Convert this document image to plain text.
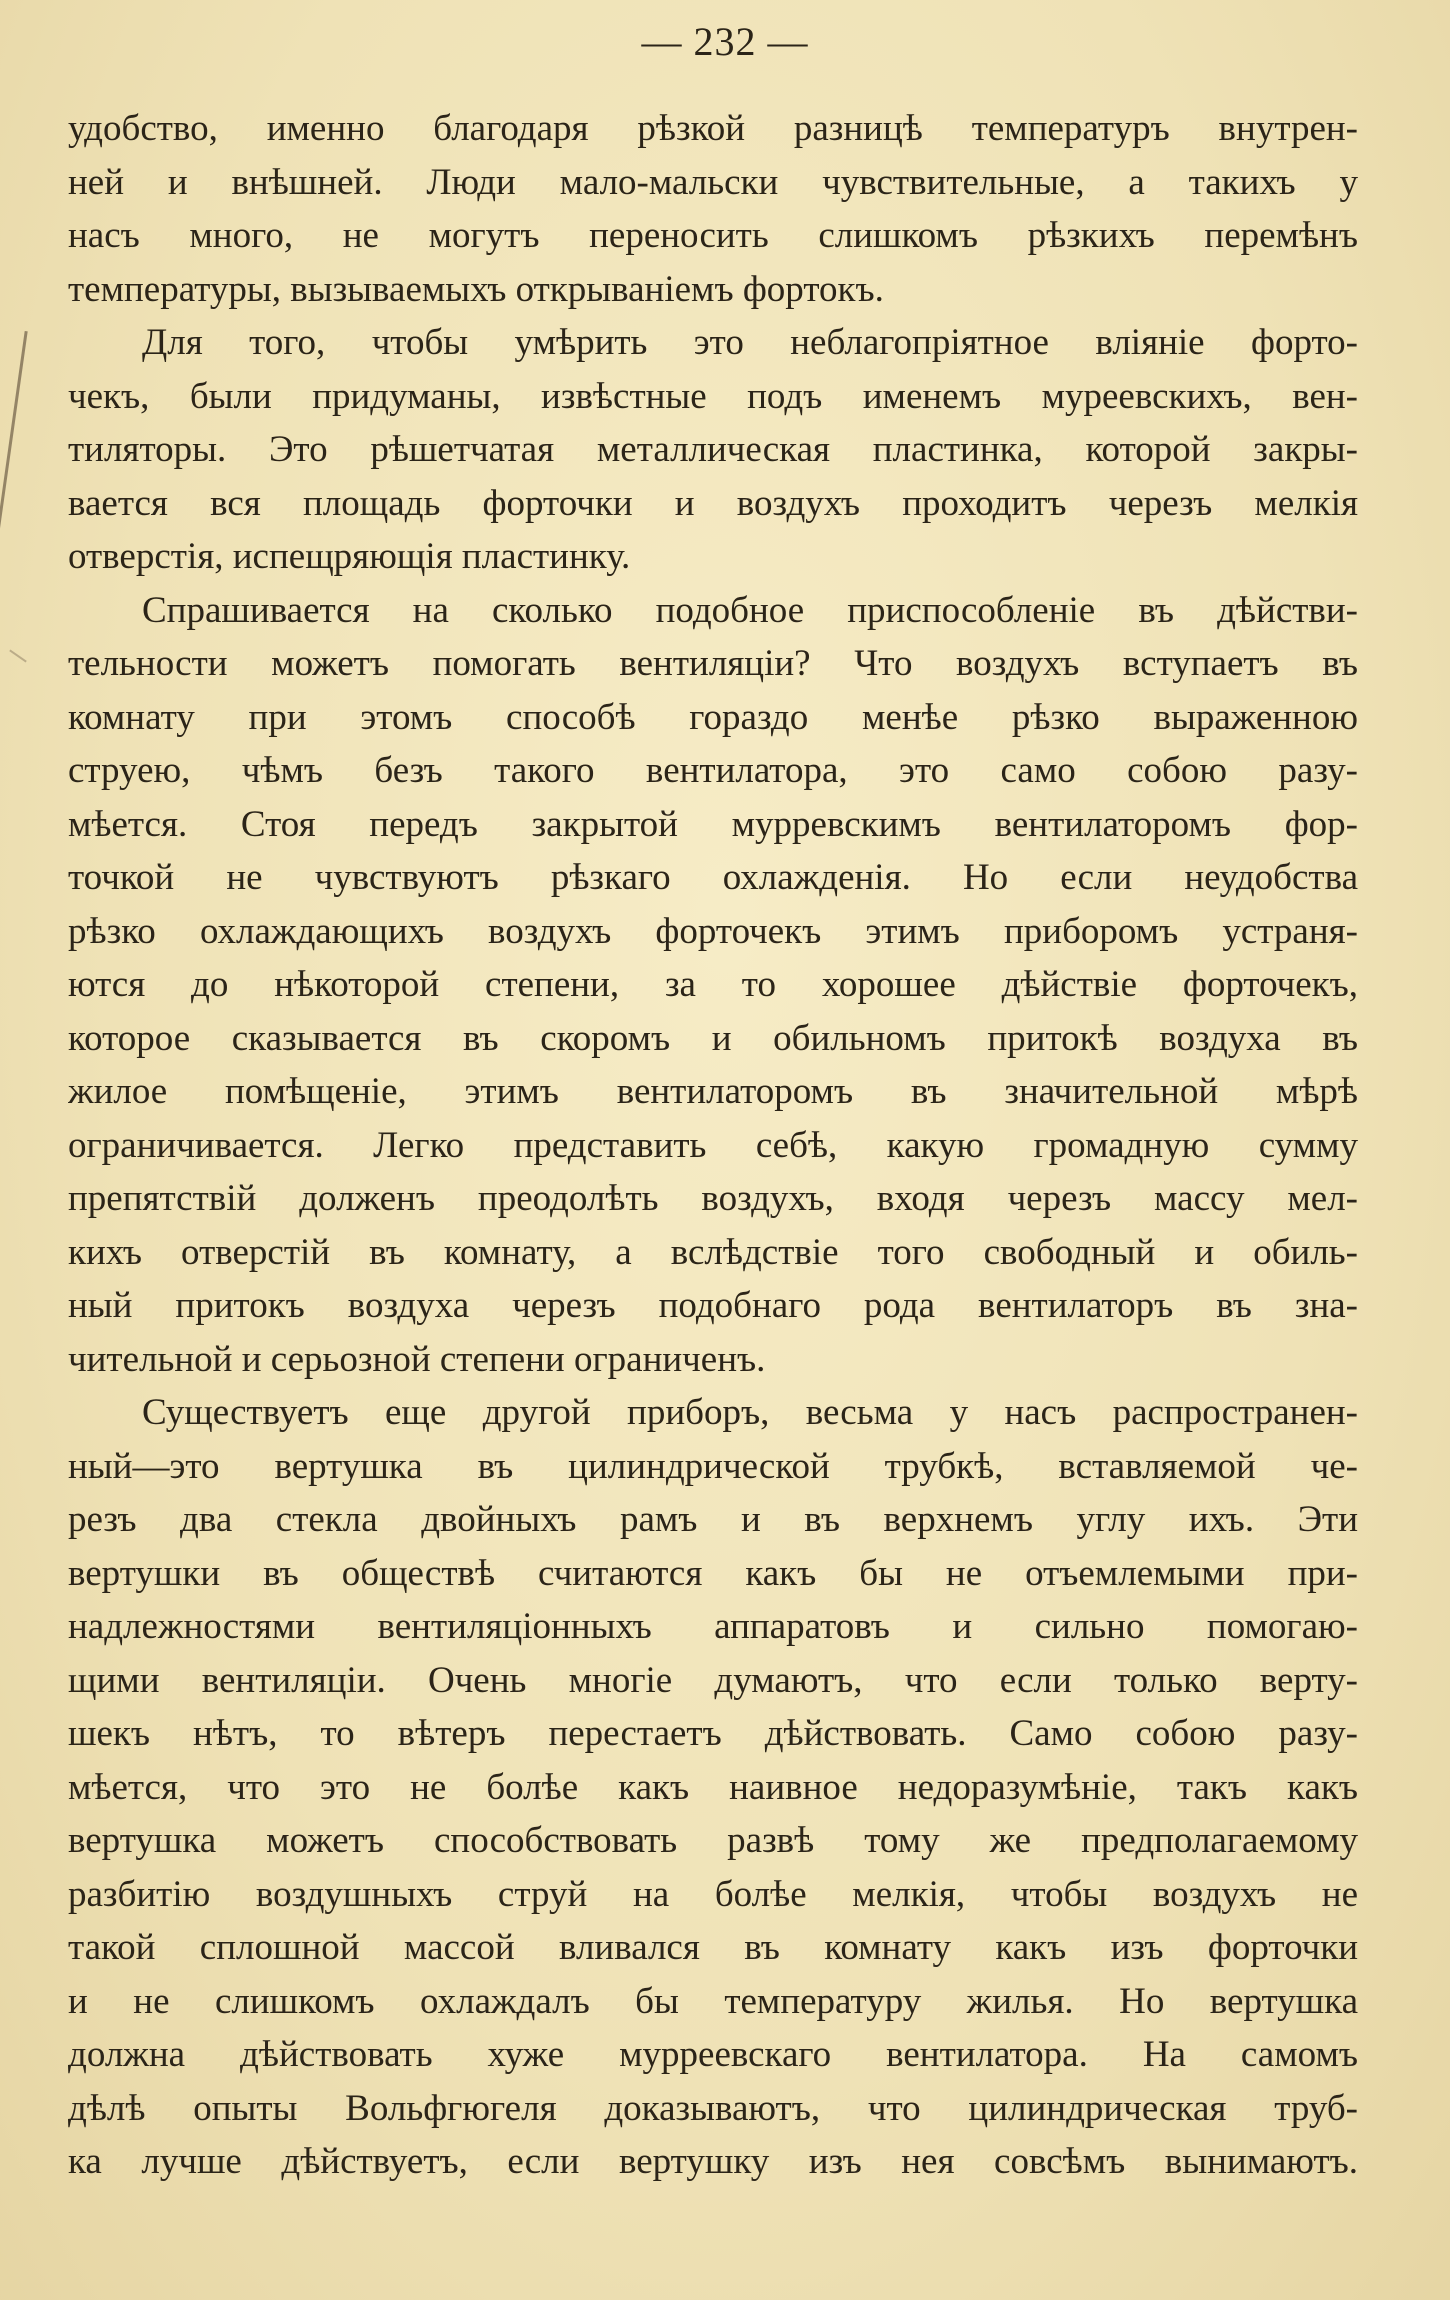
— 232 —
удобство, именно благодаря рѣзкой разницѣ температуръ внутрен-
ней и внѣшней. Люди мало-мальски чувствительные, а такихъ у
насъ много, не могутъ переносить слишкомъ рѣзкихъ перемѣнъ
температуры, вызываемыхъ открываніемъ фортокъ.
Для того, чтобы умѣрить это неблагопріятное вліяніе форто-
чекъ, были придуманы, извѣстные подъ именемъ муреевскихъ, вен-
тиляторы. Это рѣшетчатая металлическая пластинка, которой закры-
вается вся площадь форточки и воздухъ проходитъ черезъ мелкія
отверстія, испещряющія пластинку.
Спрашивается на сколько подобное приспособленіе въ дѣйстви-
тельности можетъ помогать вентиляціи? Что воздухъ вступаетъ въ
комнату при этомъ способѣ гораздо менѣе рѣзко выраженною
струею, чѣмъ безъ такого вентилатора, это само собою разу-
мѣется. Стоя передъ закрытой мурревскимъ вентилаторомъ фор-
точкой не чувствуютъ рѣзкаго охлажденія. Но если неудобства
рѣзко охлаждающихъ воздухъ форточекъ этимъ приборомъ устраня-
ются до нѣкоторой степени, за то хорошее дѣйствіе форточекъ,
которое сказывается въ скоромъ и обильномъ притокѣ воздуха въ
жилое помѣщеніе, этимъ вентилаторомъ въ значительной мѣрѣ
ограничивается. Легко представить себѣ, какую громадную сумму
препятствій долженъ преодолѣть воздухъ, входя черезъ массу мел-
кихъ отверстій въ комнату, а вслѣдствіе того свободный и обиль-
ный притокъ воздуха черезъ подобнаго рода вентилаторъ въ зна-
чительной и серьозной степени ограниченъ.
Существуетъ еще другой приборъ, весьма у насъ распространен-
ный—это вертушка въ цилиндрической трубкѣ, вставляемой че-
резъ два стекла двойныхъ рамъ и въ верхнемъ углу ихъ. Эти
вертушки въ обществѣ считаются какъ бы не отъемлемыми при-
надлежностями вентиляціонныхъ аппаратовъ и сильно помогаю-
щими вентиляціи. Очень многіе думаютъ, что если только верту-
шекъ нѣтъ, то вѣтеръ перестаетъ дѣйствовать. Само собою разу-
мѣется, что это не болѣе какъ наивное недоразумѣніе, такъ какъ
вертушка можетъ способствовать развѣ тому же предполагаемому
разбитію воздушныхъ струй на болѣе мелкія, чтобы воздухъ не
такой сплошной массой вливался въ комнату какъ изъ форточки
и не слишкомъ охлаждалъ бы температуру жилья. Но вертушка
должна дѣйствовать хуже мурреевскаго вентилатора. На самомъ
дѣлѣ опыты Вольфгюгеля доказываютъ, что цилиндрическая труб-
ка лучше дѣйствуетъ, если вертушку изъ нея совсѣмъ вынимаютъ.
